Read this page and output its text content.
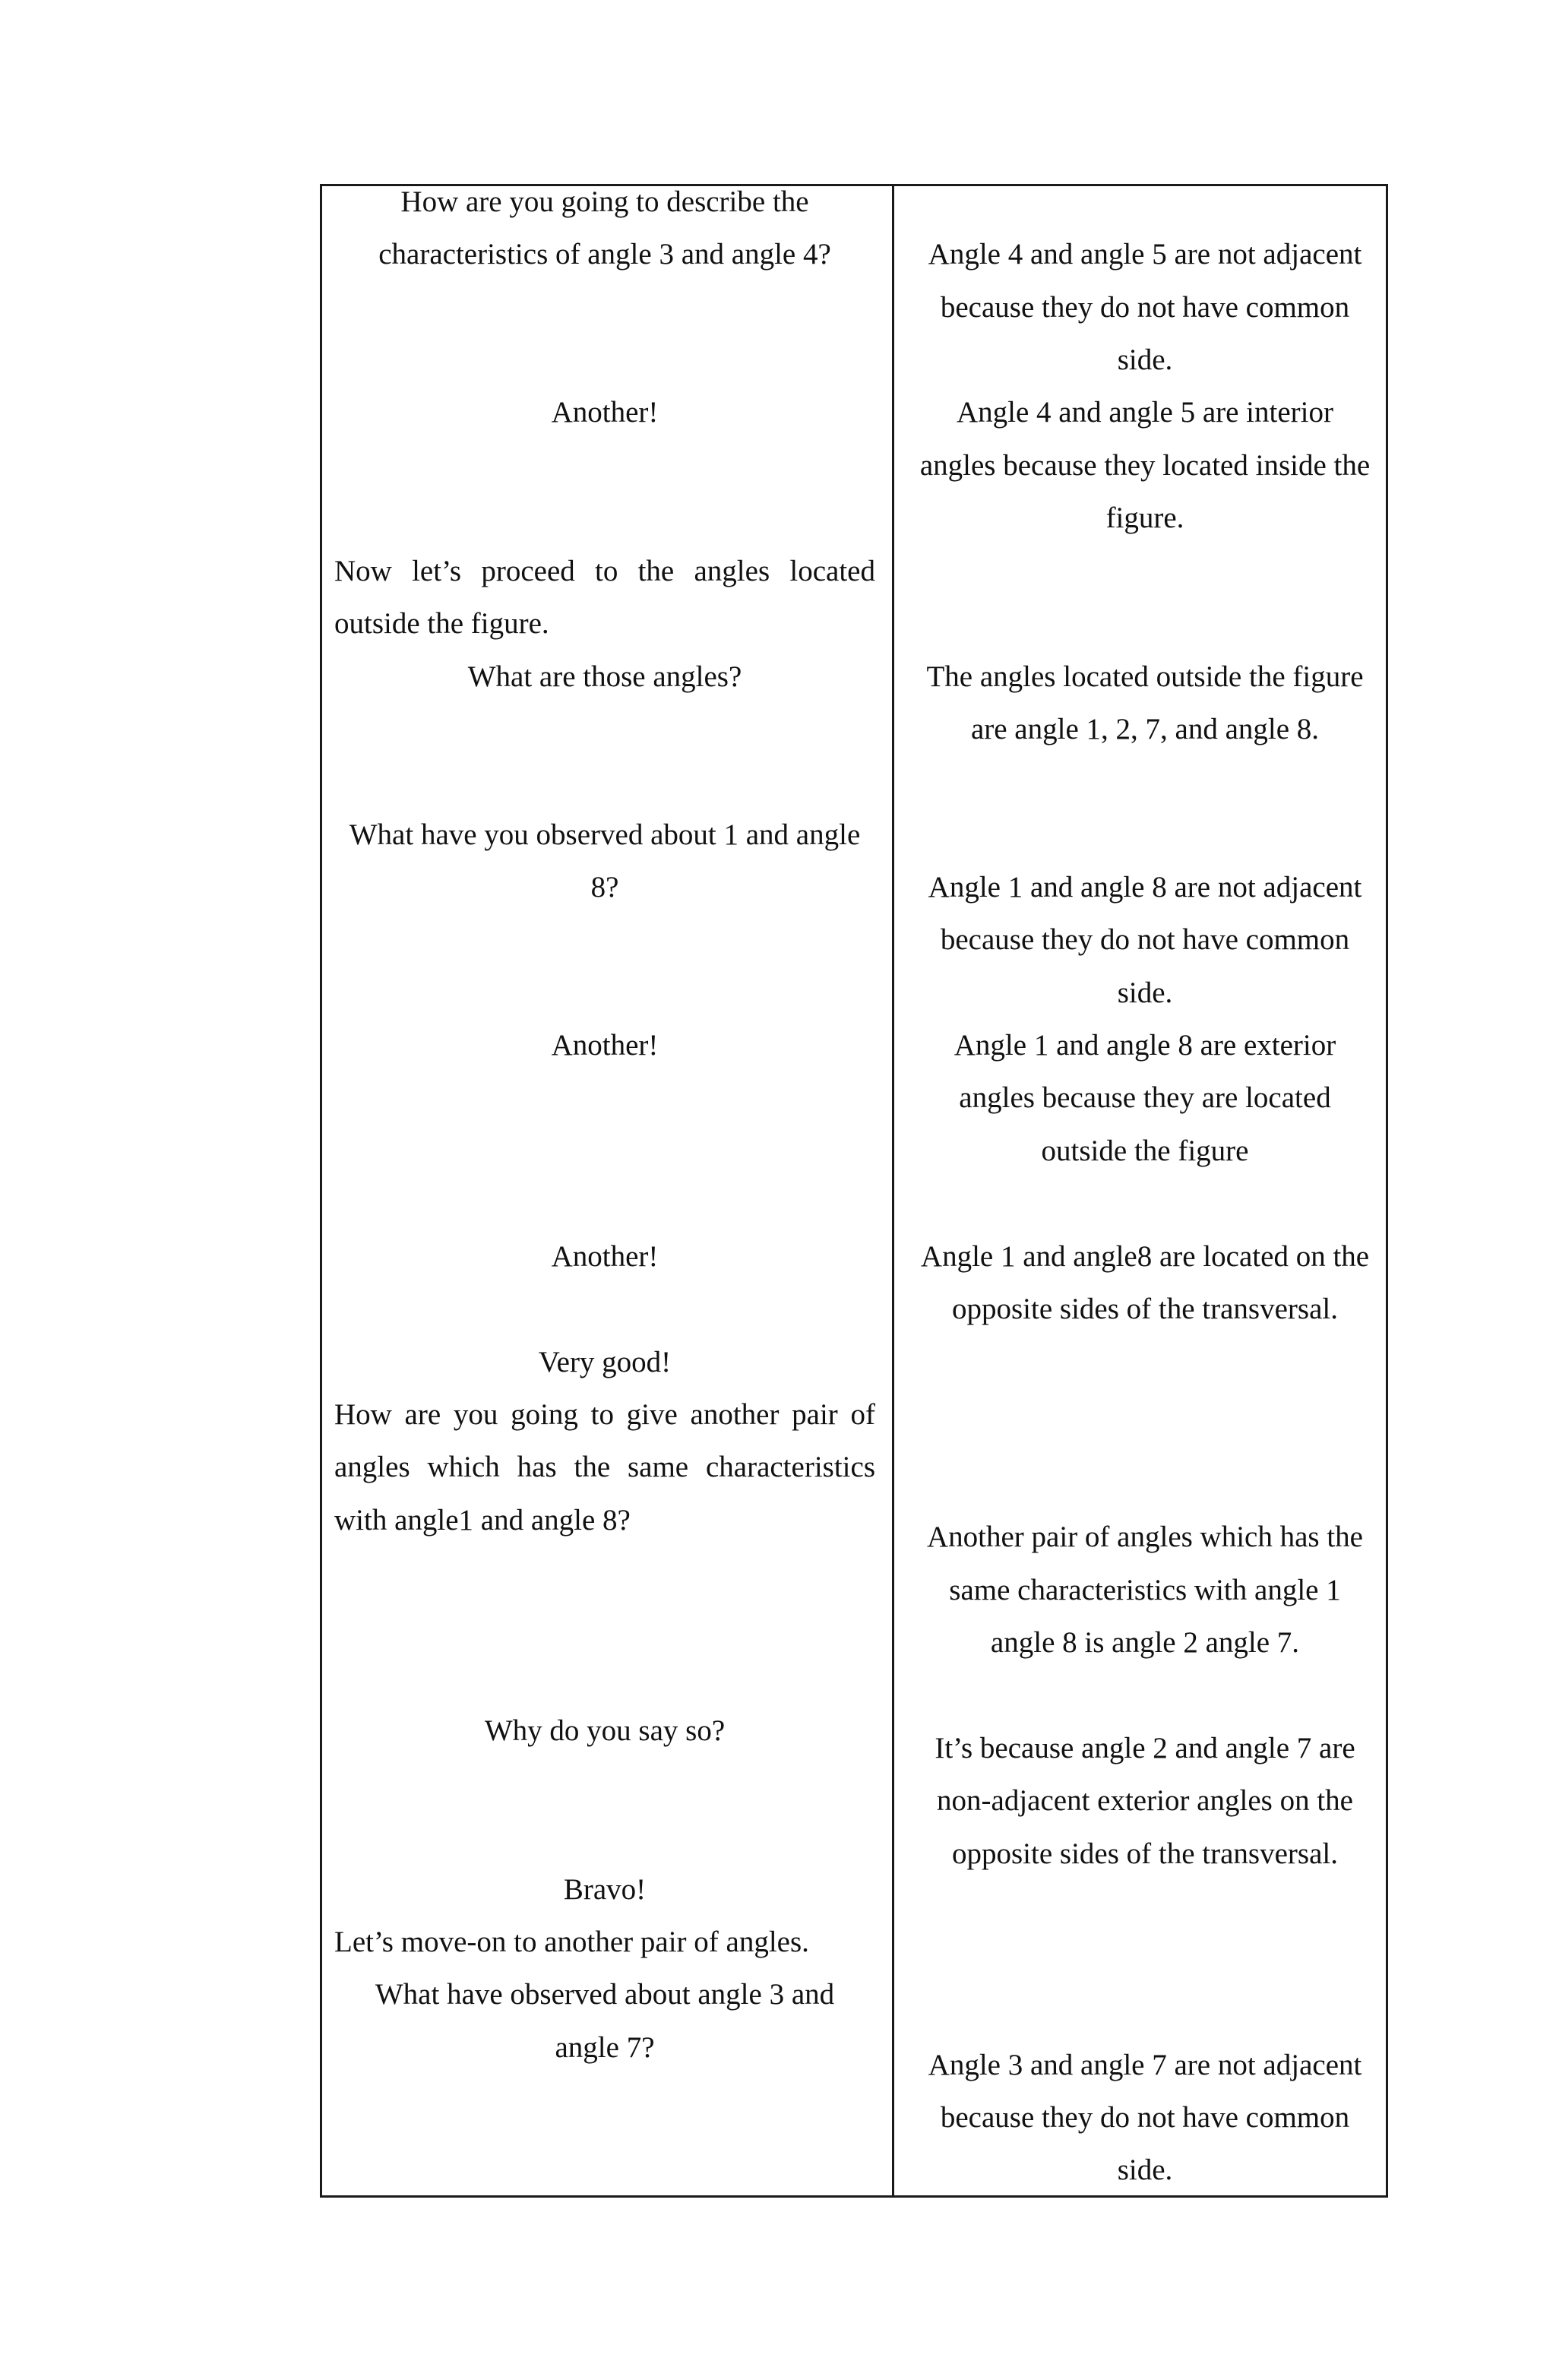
How are you going to describe the
characteristics of angle 3 and angle 4?
Another!
Now let’s proceed to the angles located
outside the figure.
What are those angles?
What have you observed about 1 and angle
8?
Another!
Another!
Very good!
How are you going to give another pair of
angles which has the same characteristics
with angle1 and angle 8?
Why do you say so?
Bravo!
Let’s move-on to another pair of angles.
What have observed about angle 3 and
angle 7?
Angle 4 and angle 5 are not adjacent
because they do not have common
side.
Angle 4 and angle 5 are interior
angles because they located inside the
figure.
The angles located outside the figure
are angle 1, 2, 7, and angle 8.
Angle 1 and angle 8 are not adjacent
because they do not have common
side.
Angle 1 and angle 8 are exterior
angles because they are located
outside the figure
Angle 1 and angle8 are located on the
opposite sides of the transversal.
Another pair of angles which has the
same characteristics with angle 1
angle 8 is angle 2 angle 7.
It’s because angle 2 and angle 7 are
non-adjacent exterior angles on the
opposite sides of the transversal.
Angle 3 and angle 7 are not adjacent
because they do not have common
side.
